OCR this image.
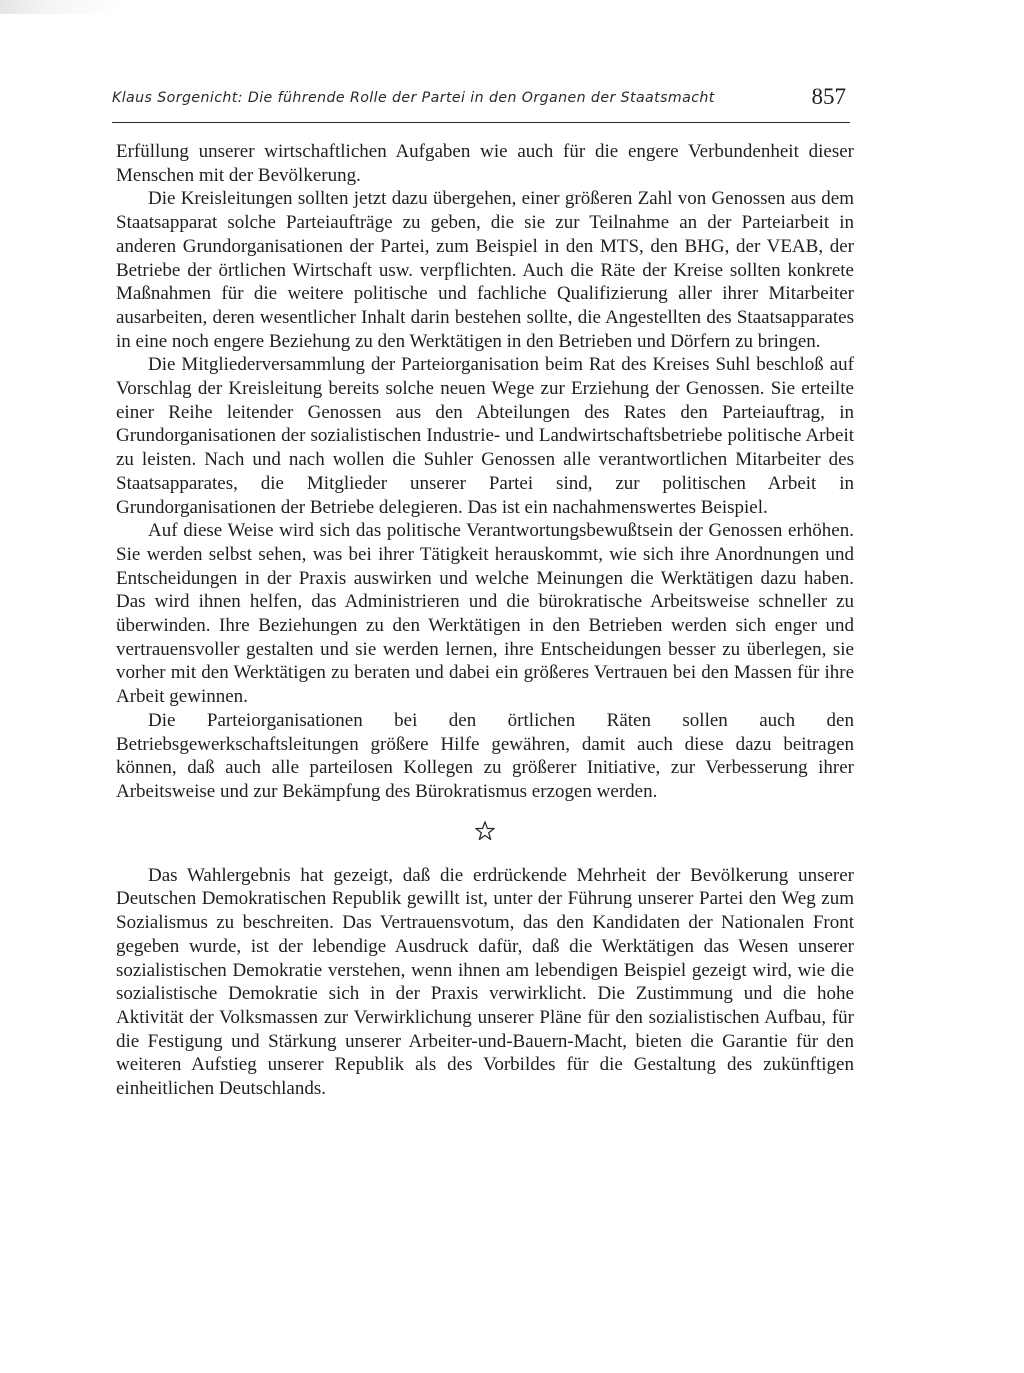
Klaus Sorgenicht: Die führende Rolle der Partei in den Organen der Staatsmacht	857

Erfüllung unserer wirtschaftlichen Aufgaben wie auch für die engere Verbundenheit dieser Menschen mit der Bevölkerung.

Die Kreisleitungen sollten jetzt dazu übergehen, einer größeren Zahl von Genossen aus dem Staatsapparat solche Parteiaufträge zu geben, die sie zur Teilnahme an der Parteiarbeit in anderen Grundorganisationen der Partei, zum Beispiel in den MTS, den BHG, der VEAB, der Betriebe der örtlichen Wirtschaft usw. verpflichten. Auch die Räte der Kreise sollten konkrete Maßnahmen für die weitere politische und fachliche Qualifizierung aller ihrer Mitarbeiter ausarbeiten, deren wesentlicher Inhalt darin bestehen sollte, die Angestellten des Staatsapparates in eine noch engere Beziehung zu den Werktätigen in den Betrieben und Dörfern zu bringen.

Die Mitgliederversammlung der Parteiorganisation beim Rat des Kreises Suhl beschloß auf Vorschlag der Kreisleitung bereits solche neuen Wege zur Erziehung der Genossen. Sie erteilte einer Reihe leitender Genossen aus den Abteilungen des Rates den Parteiauftrag, in Grundorganisationen der sozialistischen Industrie- und Landwirtschaftsbetriebe politische Arbeit zu leisten. Nach und nach wollen die Suhler Genossen alle verantwortlichen Mitarbeiter des Staatsapparates, die Mitglieder unserer Partei sind, zur politischen Arbeit in Grundorganisationen der Betriebe delegieren. Das ist ein nachahmenswertes Beispiel.

Auf diese Weise wird sich das politische Verantwortungsbewußtsein der Genossen erhöhen. Sie werden selbst sehen, was bei ihrer Tätigkeit herauskommt, wie sich ihre Anordnungen und Entscheidungen in der Praxis auswirken und welche Meinungen die Werktätigen dazu haben. Das wird ihnen helfen, das Administrieren und die bürokratische Arbeitsweise schneller zu überwinden. Ihre Beziehungen zu den Werktätigen in den Betrieben werden sich enger und vertrauensvoller gestalten und sie werden lernen, ihre Entscheidungen besser zu überlegen, sie vorher mit den Werktätigen zu beraten und dabei ein größeres Vertrauen bei den Massen für ihre Arbeit gewinnen.

Die Parteiorganisationen bei den örtlichen Räten sollen auch den Betriebsgewerkschaftsleitungen größere Hilfe gewähren, damit auch diese dazu beitragen können, daß auch alle parteilosen Kollegen zu größerer Initiative, zur Verbesserung ihrer Arbeitsweise und zur Bekämpfung des Bürokratismus erzogen werden.

Das Wahlergebnis hat gezeigt, daß die erdrückende Mehrheit der Bevölkerung unserer Deutschen Demokratischen Republik gewillt ist, unter der Führung unserer Partei den Weg zum Sozialismus zu beschreiten. Das Vertrauensvotum, das den Kandidaten der Nationalen Front gegeben wurde, ist der lebendige Ausdruck dafür, daß die Werktätigen das Wesen unserer sozialistischen Demokratie verstehen, wenn ihnen am lebendigen Beispiel gezeigt wird, wie die sozialistische Demokratie sich in der Praxis verwirklicht. Die Zustimmung und die hohe Aktivität der Volksmassen zur Verwirklichung unserer Pläne für den sozialistischen Aufbau, für die Festigung und Stärkung unserer Arbeiter-und-Bauern-Macht, bieten die Garantie für den weiteren Aufstieg unserer Republik als des Vorbildes für die Gestaltung des zukünftigen einheitlichen Deutschlands.
